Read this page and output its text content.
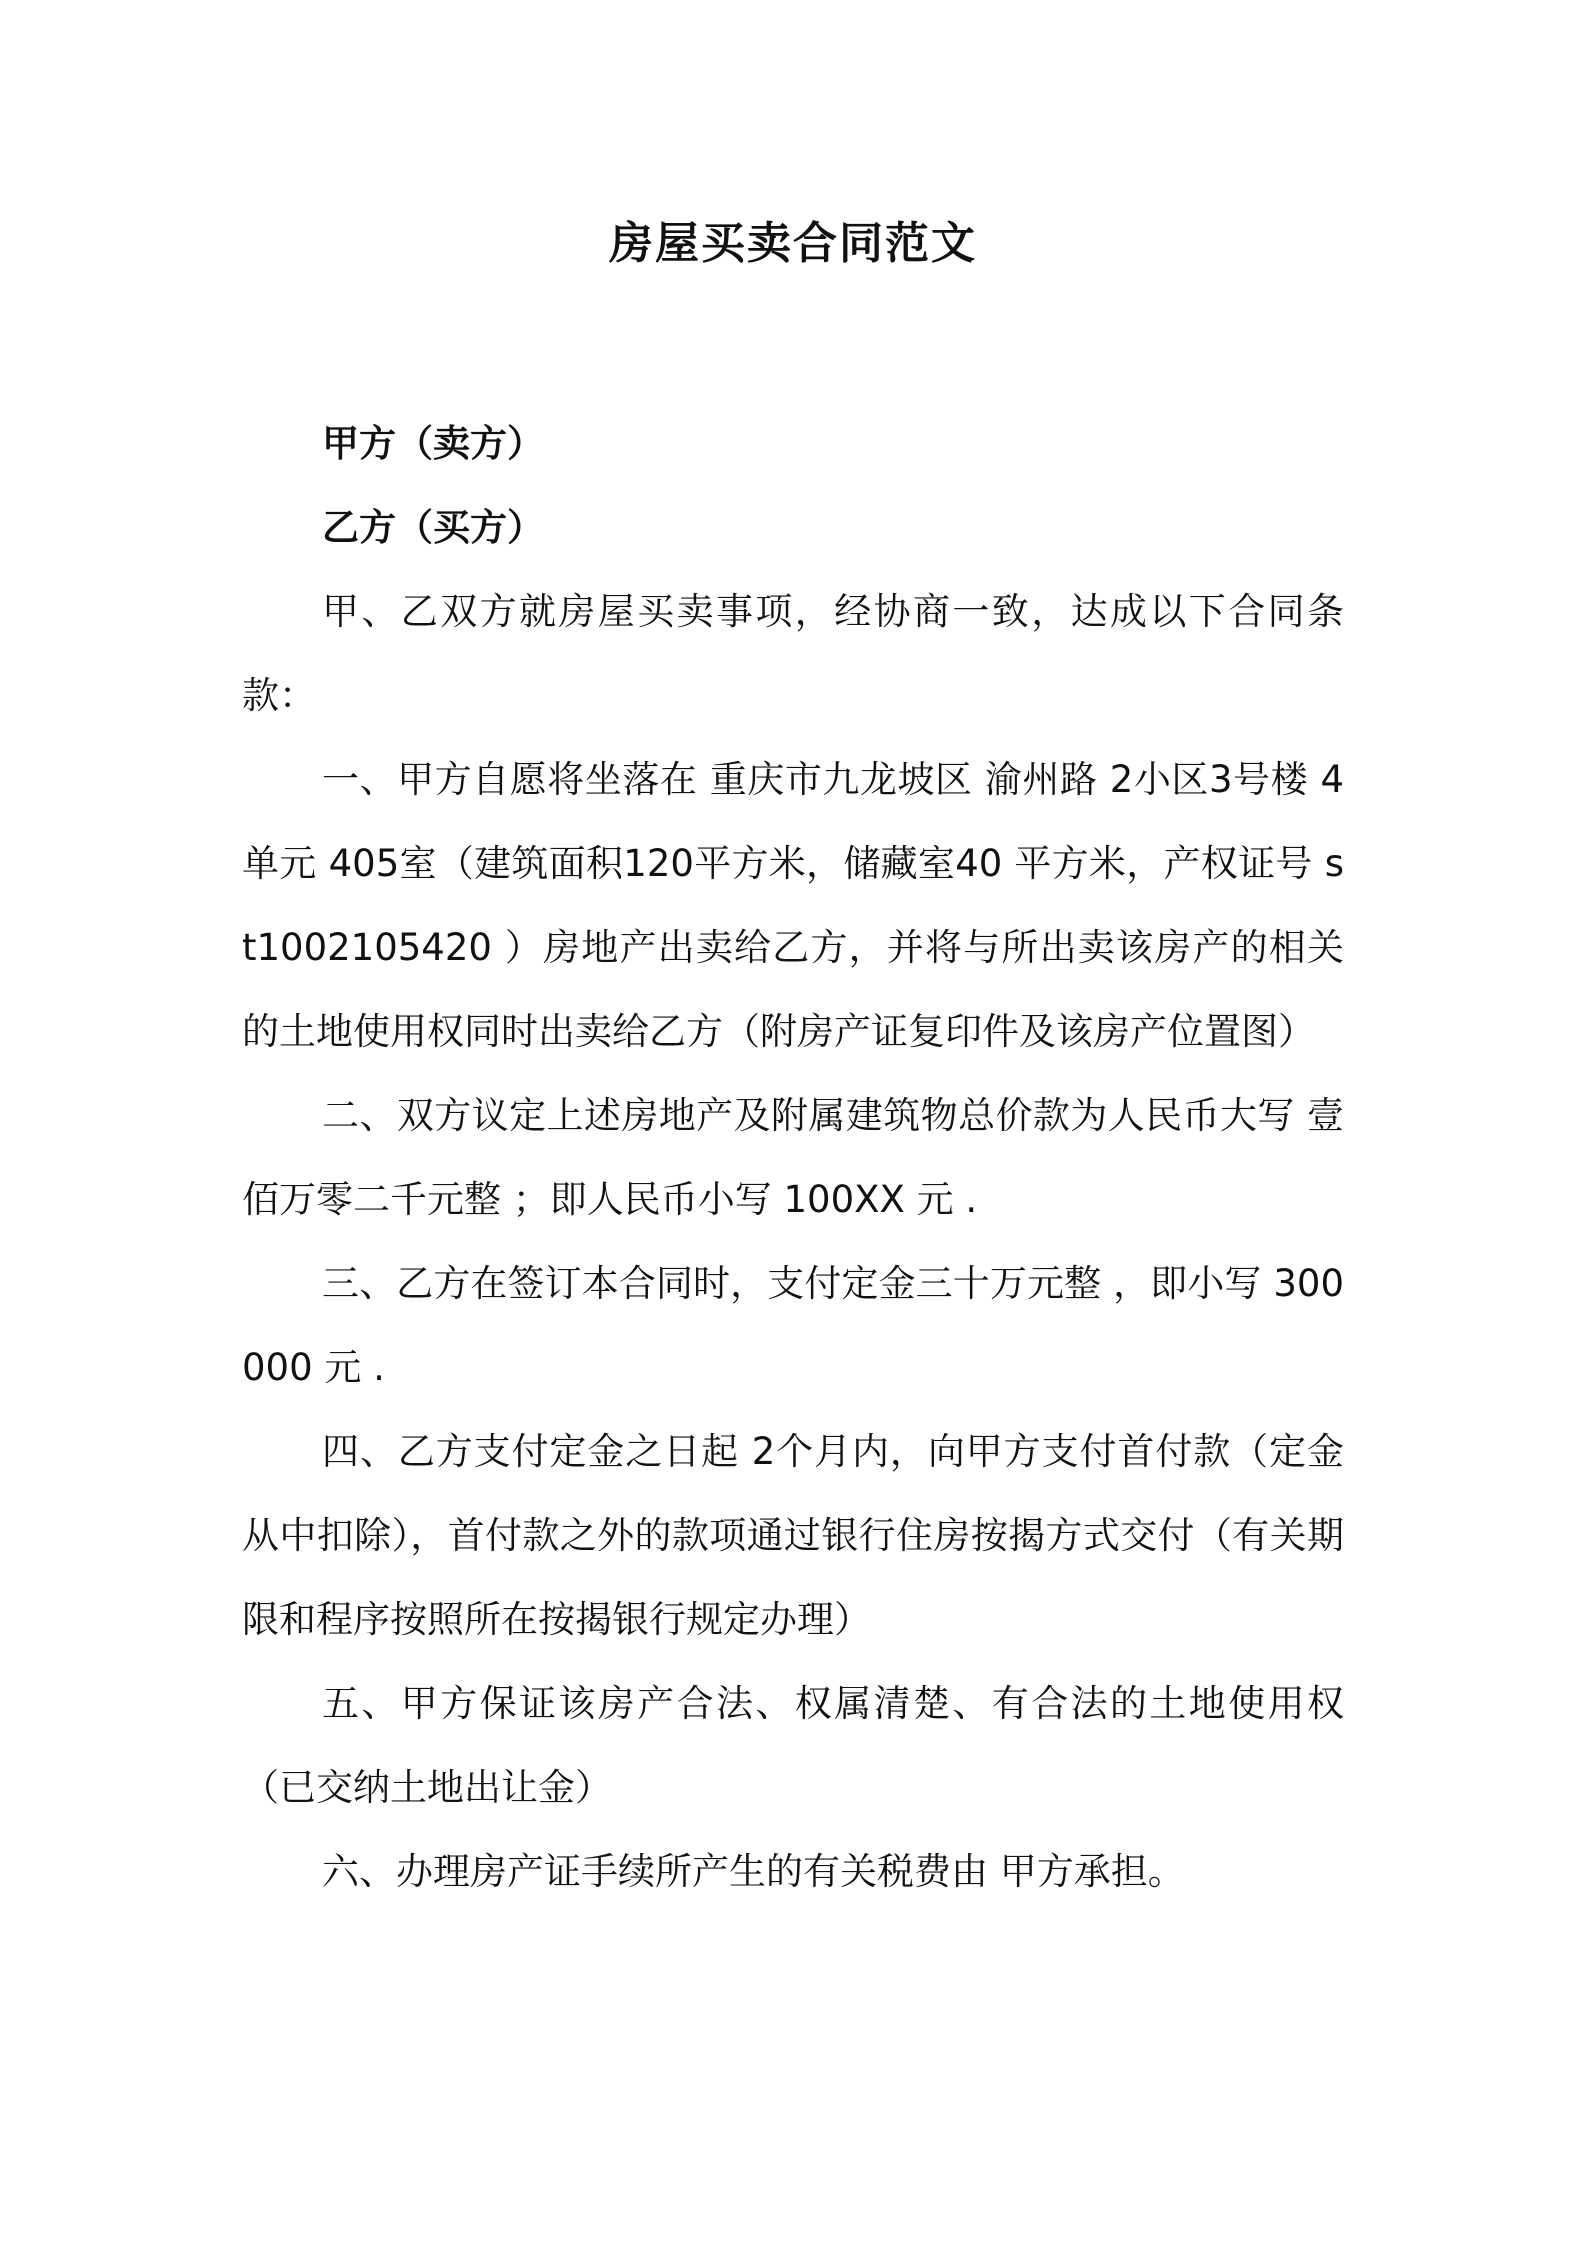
房屋买卖合同范文

甲方（卖方）

乙方（买方）

甲、乙双方就房屋买卖事项，经协商一致，达成以下合同条款：

一、甲方自愿将坐落在 重庆市九龙坡区 渝州路 2小区3号楼 4单元 405室（建筑面积120平方米，储藏室40 平方米，产权证号 st1002105420 ）房地产出卖给乙方，并将与所出卖该房产的相关的土地使用权同时出卖给乙方（附房产证复印件及该房产位置图）

二、双方议定上述房地产及附属建筑物总价款为人民币大写 壹佰万零二千元整 ；即人民币小写 100XX 元 .

三、乙方在签订本合同时，支付定金三十万元整 ，即小写 300000 元 .

四、乙方支付定金之日起 2个月内，向甲方支付首付款（定金从中扣除），首付款之外的款项通过银行住房按揭方式交付（有关期限和程序按照所在按揭银行规定办理）

五、甲方保证该房产合法、权属清楚、有合法的土地使用权（已交纳土地出让金）

六、办理房产证手续所产生的有关税费由 甲方承担。
